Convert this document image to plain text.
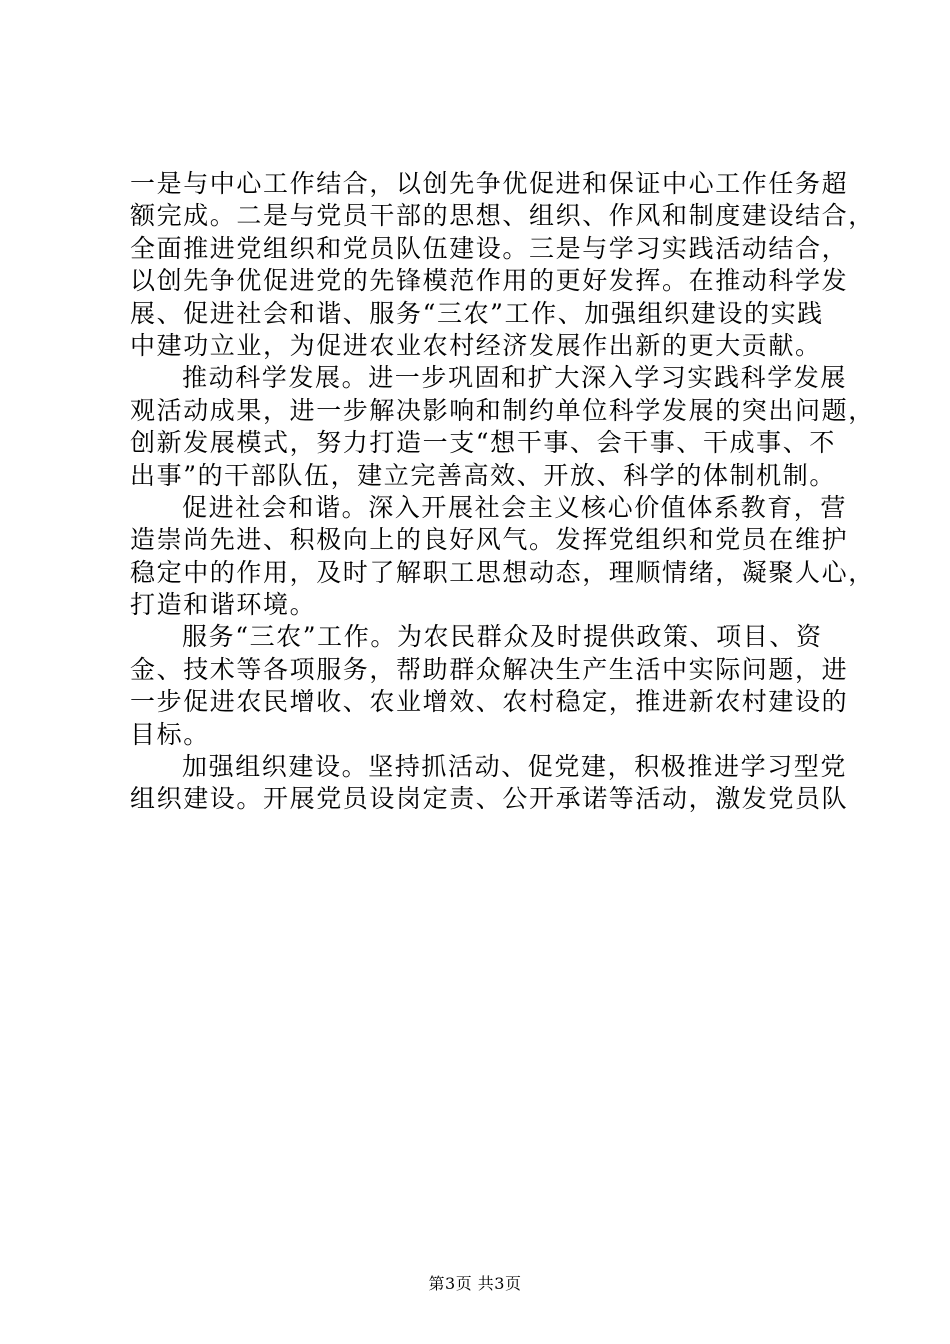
一是与中心工作结合，以创先争优促进和保证中心工作任务超
额完成。二是与党员干部的思想、组织、作风和制度建设结合，
全面推进党组织和党员队伍建设。三是与学习实践活动结合，
以创先争优促进党的先锋模范作用的更好发挥。在推动科学发
展、促进社会和谐、服务“三农”工作、加强组织建设的实践
中建功立业，为促进农业农村经济发展作出新的更大贡献。
推动科学发展。进一步巩固和扩大深入学习实践科学发展
观活动成果，进一步解决影响和制约单位科学发展的突出问题，
创新发展模式，努力打造一支“想干事、会干事、干成事、不
出事”的干部队伍，建立完善高效、开放、科学的体制机制。
促进社会和谐。深入开展社会主义核心价值体系教育，营
造崇尚先进、积极向上的良好风气。发挥党组织和党员在维护
稳定中的作用，及时了解职工思想动态，理顺情绪，凝聚人心，
打造和谐环境。
服务“三农”工作。为农民群众及时提供政策、项目、资
金、技术等各项服务，帮助群众解决生产生活中实际问题，进
一步促进农民增收、农业增效、农村稳定，推进新农村建设的
目标。
加强组织建设。坚持抓活动、促党建，积极推进学习型党
组织建设。开展党员设岗定责、公开承诺等活动，激发党员队
第3页 共3页
